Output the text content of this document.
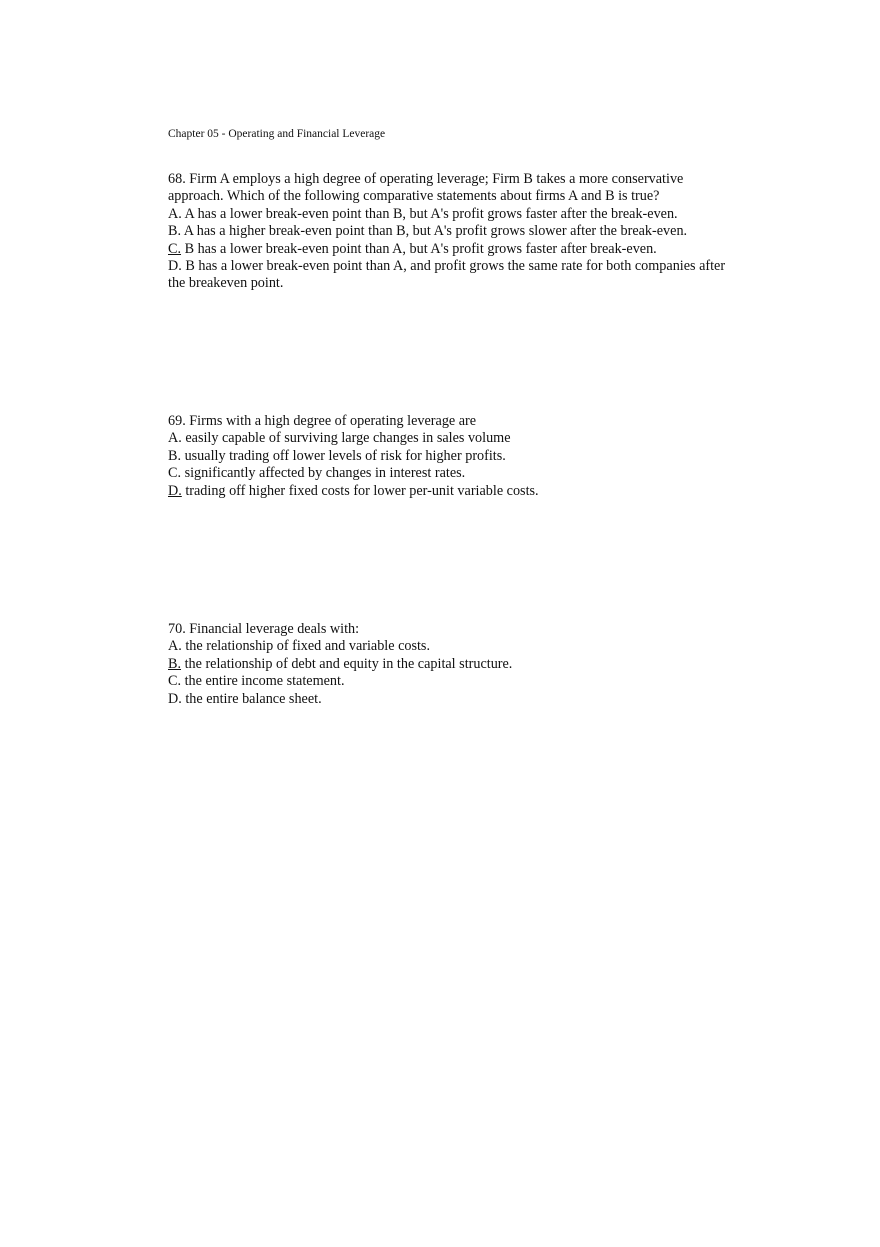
Chapter 05 - Operating and Financial Leverage

68. Firm A employs a high degree of operating leverage; Firm B takes a more conservative approach. Which of the following comparative statements about firms A and B is true?

A. A has a lower break-even point than B, but A's profit grows faster after the break-even.

B. A has a higher break-even point than B, but A's profit grows slower after the break-even.

C. B has a lower break-even point than A, but A's profit grows faster after break-even.

D. B has a lower break-even point than A, and profit grows the same rate for both companies after the breakeven point.

69. Firms with a high degree of operating leverage are

A. easily capable of surviving large changes in sales volume

B. usually trading off lower levels of risk for higher profits.

C. significantly affected by changes in interest rates.

D. trading off higher fixed costs for lower per-unit variable costs.

70. Financial leverage deals with:

A. the relationship of fixed and variable costs.

B. the relationship of debt and equity in the capital structure.

C. the entire income statement.

D. the entire balance sheet.
